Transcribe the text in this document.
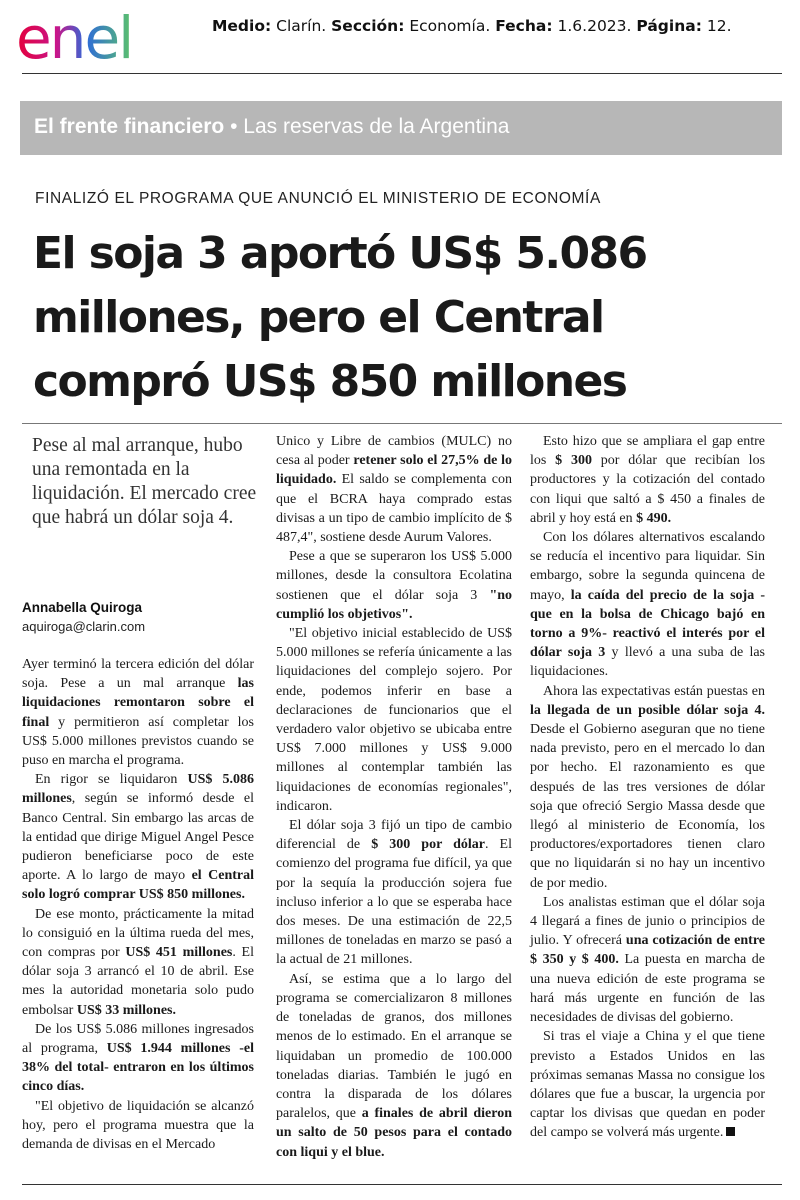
enel	Medio: Clarín. Sección: Economía. Fecha: 1.6.2023. Página: 12.
El frente financiero • Las reservas de la Argentina
FINALIZÓ EL PROGRAMA QUE ANUNCIÓ EL MINISTERIO DE ECONOMÍA
El soja 3 aportó US$ 5.086 millones, pero el Central compró US$ 850 millones
Pese al mal arranque, hubo una remontada en la liquidación. El mercado cree que habrá un dólar soja 4.
Annabella Quiroga
aquiroga@clarin.com

Ayer terminó la tercera edición del dólar soja. Pese a un mal arranque las liquidaciones remontaron sobre el final y permitieron así completar los US$ 5.000 millones previstos cuando se puso en marcha el programa.

En rigor se liquidaron US$ 5.086 millones, según se informó desde el Banco Central. Sin embargo las arcas de la entidad que dirige Miguel Angel Pesce pudieron beneficiarse poco de este aporte. A lo largo de mayo el Central solo logró comprar US$ 850 millones.

De ese monto, prácticamente la mitad lo consiguió en la última rueda del mes, con compras por US$ 451 millones. El dólar soja 3 arrancó el 10 de abril. Ese mes la autoridad monetaria solo pudo embolsar US$ 33 millones.

De los US$ 5.086 millones ingresados al programa, US$ 1.944 millones -el 38% del total- entraron en los últimos cinco días.

"El objetivo de liquidación se alcanzó hoy, pero el programa muestra que la demanda de divisas en el Mercado

Unico y Libre de cambios (MULC) no cesa al poder retener solo el 27,5% de lo liquidado. El saldo se complementa con que el BCRA haya comprado estas divisas a un tipo de cambio implícito de $ 487,4", sostiene desde Aurum Valores.

Pese a que se superaron los US$ 5.000 millones, desde la consultora Ecolatina sostienen que el dólar soja 3 "no cumplió los objetivos".

"El objetivo inicial establecido de US$ 5.000 millones se refería únicamente a las liquidaciones del complejo sojero. Por ende, podemos inferir en base a declaraciones de funcionarios que el verdadero valor objetivo se ubicaba entre US$ 7.000 millones y US$ 9.000 millones al contemplar también las liquidaciones de economías regionales", indicaron.

El dólar soja 3 fijó un tipo de cambio diferencial de $ 300 por dólar. El comienzo del programa fue difícil, ya que por la sequía la producción sojera fue incluso inferior a lo que se esperaba hace dos meses. De una estimación de 22,5 millones de toneladas en marzo se pasó a la actual de 21 millones.

Así, se estima que a lo largo del programa se comercializaron 8 millones de toneladas de granos, dos millones menos de lo estimado. En el arranque se liquidaban un promedio de 100.000 toneladas diarias. También le jugó en contra la disparada de los dólares paralelos, que a finales de abril dieron un salto de 50 pesos para el contado con liqui y el blue.

Esto hizo que se ampliara el gap entre los $ 300 por dólar que recibían los productores y la cotización del contado con liqui que saltó a $ 450 a finales de abril y hoy está en $ 490.

Con los dólares alternativos escalando se reducía el incentivo para liquidar. Sin embargo, sobre la segunda quincena de mayo, la caída del precio de la soja -que en la bolsa de Chicago bajó en torno a 9%- reactivó el interés por el dólar soja 3 y llevó a una suba de las liquidaciones.

Ahora las expectativas están puestas en la llegada de un posible dólar soja 4. Desde el Gobierno aseguran que no tiene nada previsto, pero en el mercado lo dan por hecho. El razonamiento es que después de las tres versiones de dólar soja que ofreció Sergio Massa desde que llegó al ministerio de Economía, los productores/exportadores tienen claro que no liquidarán si no hay un incentivo de por medio.

Los analistas estiman que el dólar soja 4 llegará a fines de junio o principios de julio. Y ofrecerá una cotización de entre $ 350 y $ 400. La puesta en marcha de una nueva edición de este programa se hará más urgente en función de las necesidades de divisas del gobierno.

Si tras el viaje a China y el que tiene previsto a Estados Unidos en las próximas semanas Massa no consigue los dólares que fue a buscar, la urgencia por captar los divisas que quedan en poder del campo se volverá más urgente.
